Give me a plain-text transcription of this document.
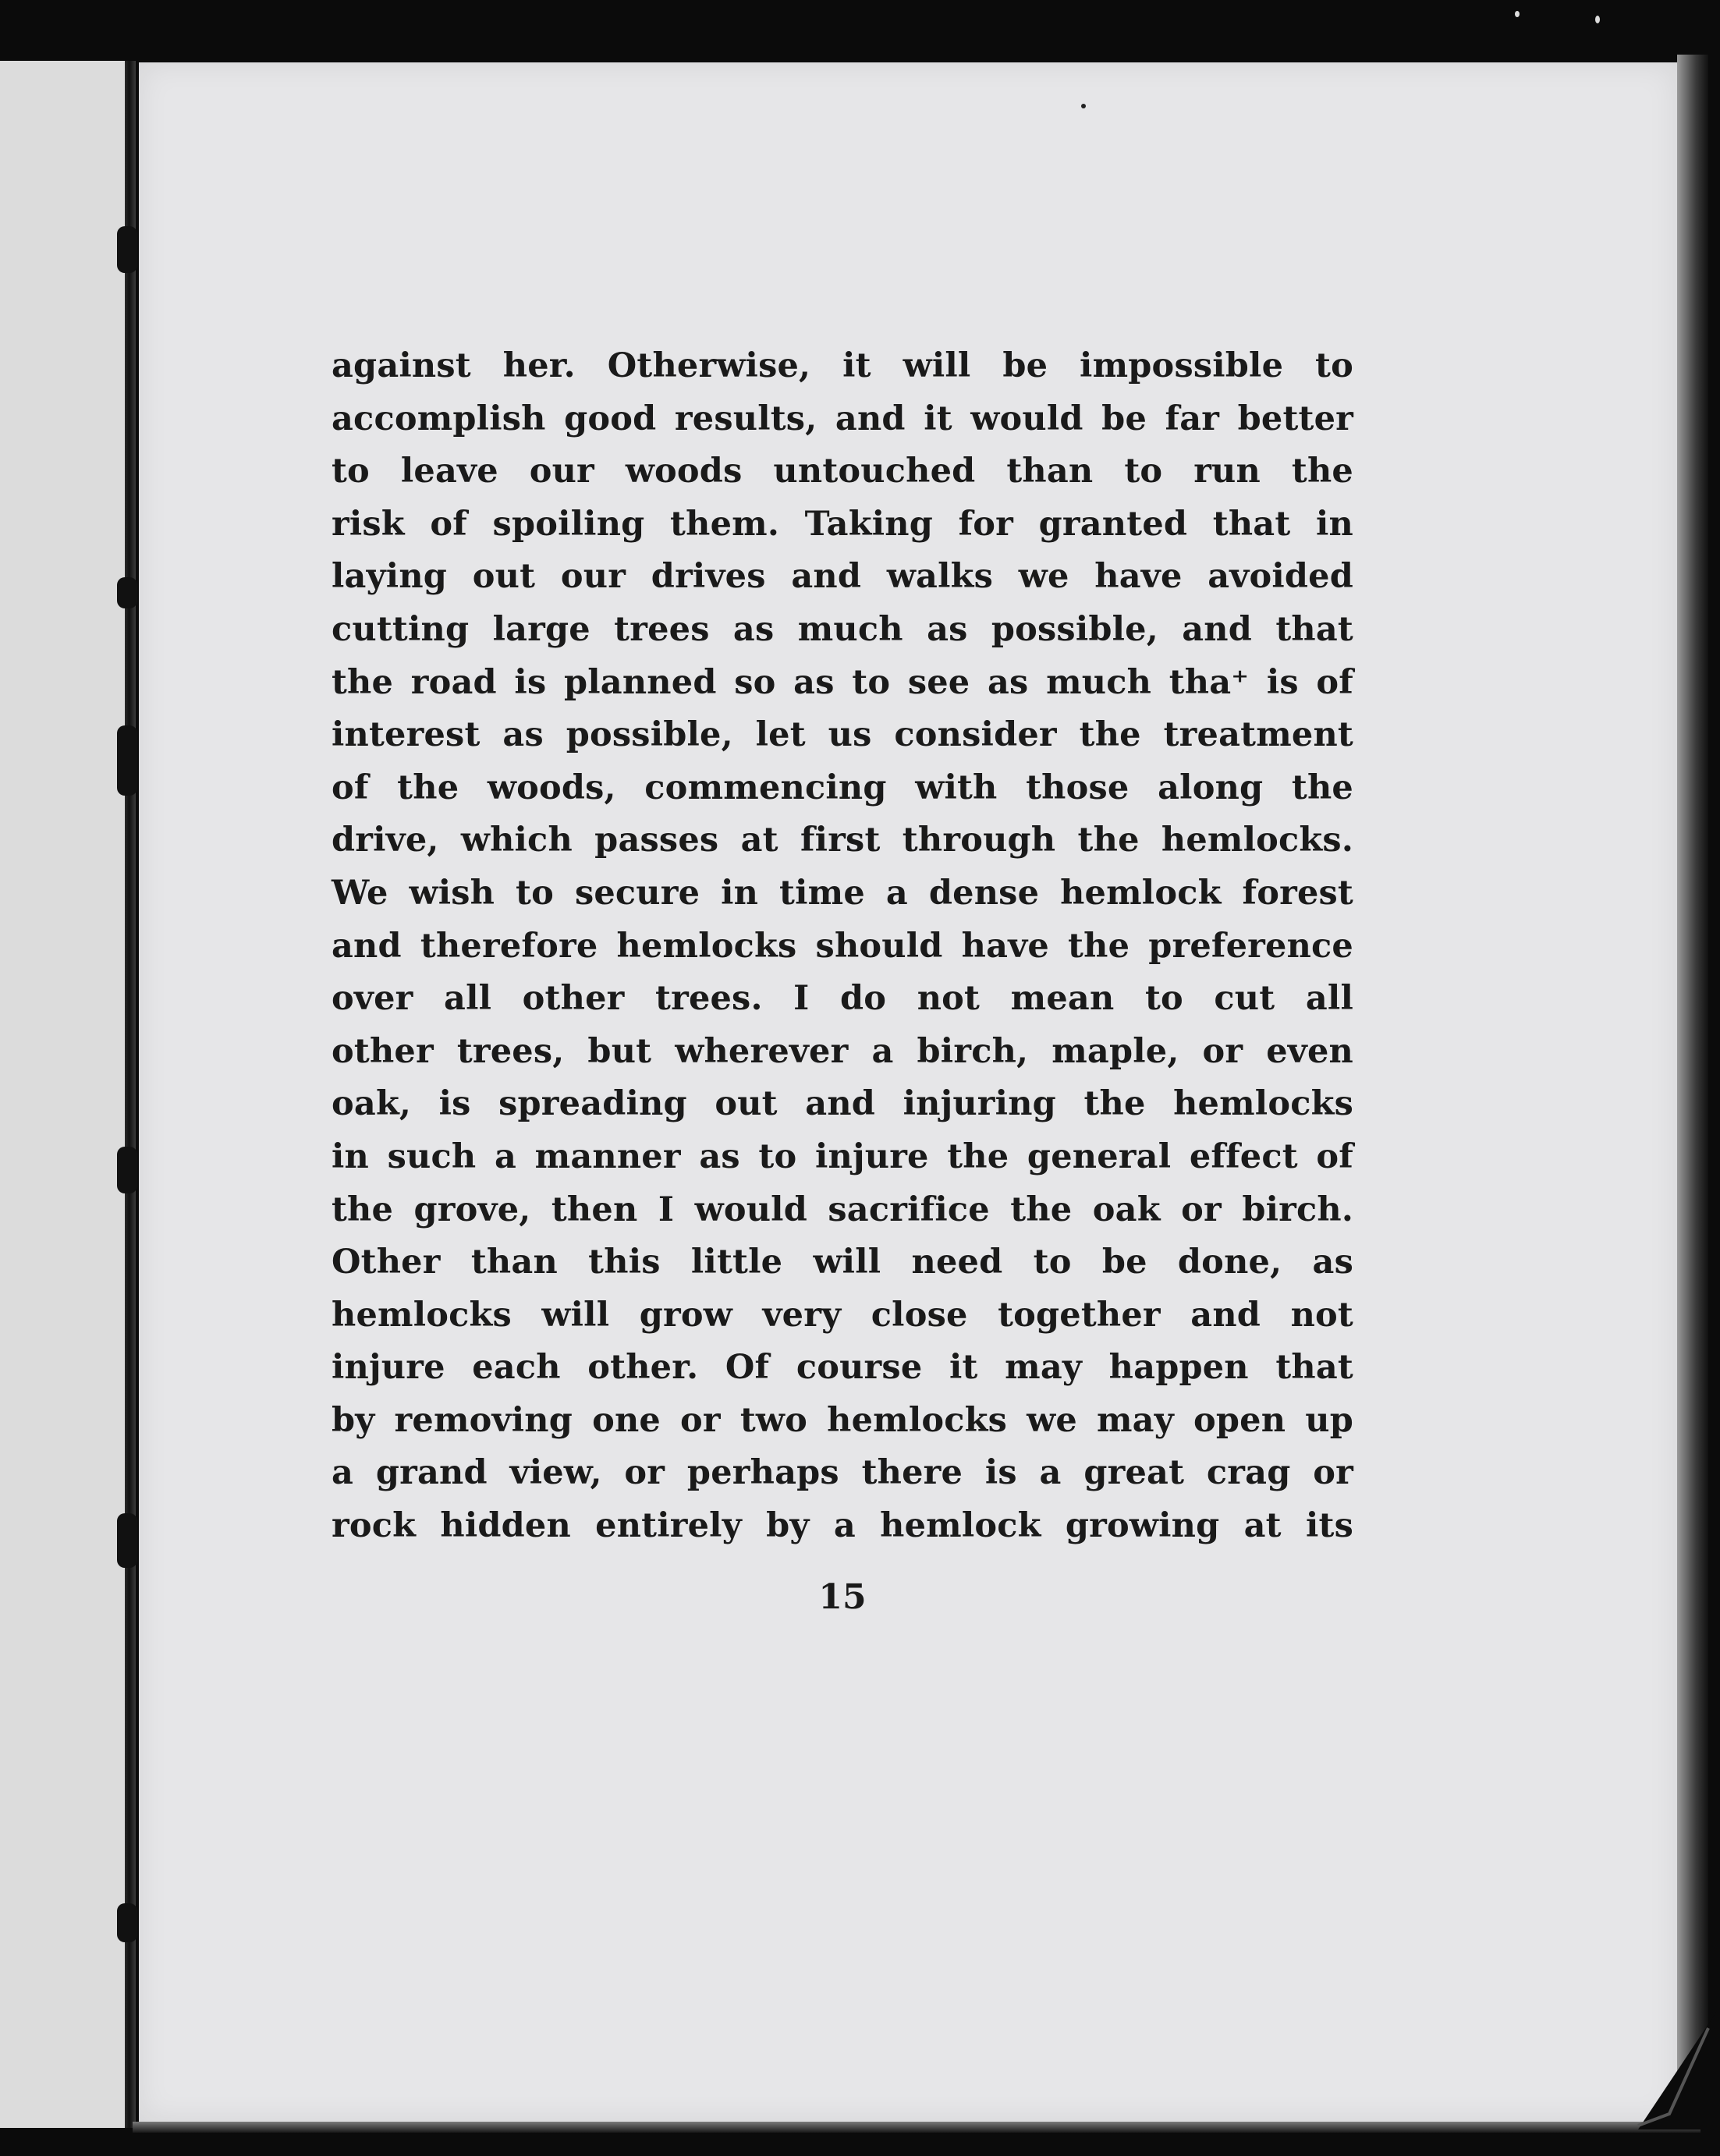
against her. Otherwise, it will be impossible to
accomplish good results, and it would be far better
to leave our woods untouched than to run the
risk of spoiling them. Taking for granted that in
laying out our drives and walks we have avoided
cutting large trees as much as possible, and that
the road is planned so as to see as much tha⁺ is of
interest as possible, let us consider the treatment
of the woods, commencing with those along the
drive, which passes at first through the hemlocks.
We wish to secure in time a dense hemlock forest
and therefore hemlocks should have the preference
over all other trees. I do not mean to cut all
other trees, but wherever a birch, maple, or even
oak, is spreading out and injuring the hemlocks
in such a manner as to injure the general effect of
the grove, then I would sacrifice the oak or birch.
Other than this little will need to be done, as
hemlocks will grow very close together and not
injure each other. Of course it may happen that
by removing one or two hemlocks we may open up
a grand view, or perhaps there is a great crag or
rock hidden entirely by a hemlock growing at its
15
